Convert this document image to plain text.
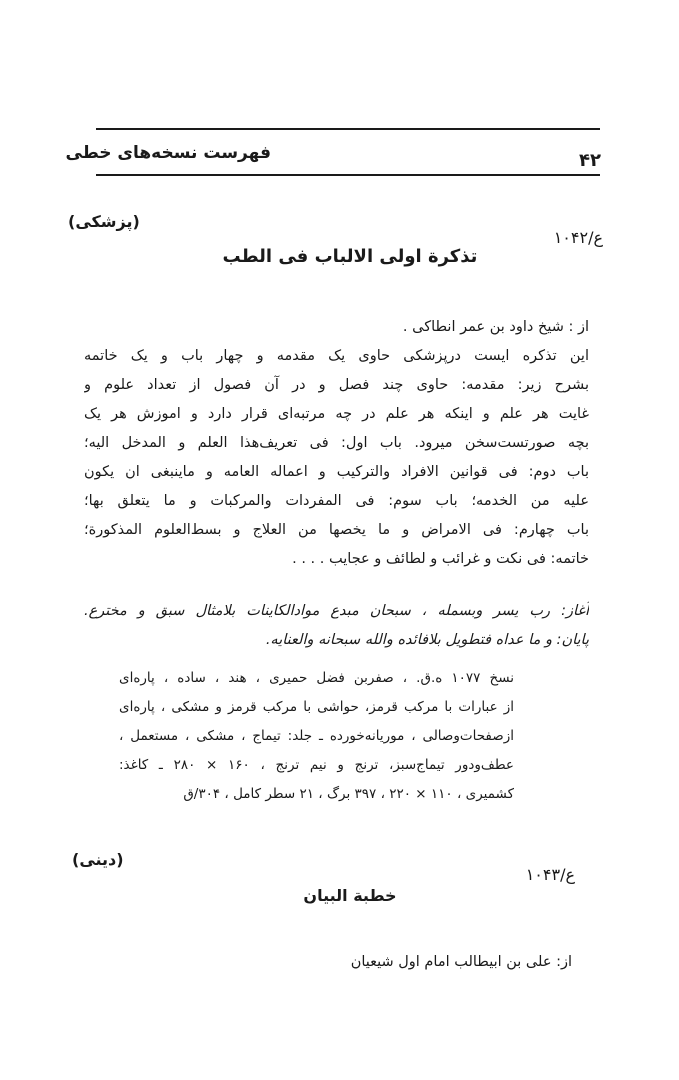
فهرست نسخه‌های خطی	۴۲
(پزشکی)
ع/۱۰۴۲
تذکرة اولی الالباب فی الطب
از : شیخ داود بن عمر انطاکی .
این تذکره ایست درپزشکی حاوی یک مقدمه و چهار باب و یک خاتمه
بشرح زیر: مقدمه: حاوی چند فصل و در آن فصول از تعداد علوم و
غایت هر علم و اینکه هر علم در چه مرتبه‌ای قرار دارد و اموزش هر یک
بچه صورتست‌سخن میرود. باب اول: فی تعریف‌هذا العلم و المدخل الیه؛
باب دوم: فی قوانین الافراد والترکیب و اعماله العامه و ماینبغی ان یکون
علیه من الخدمه؛ باب سوم: فی المفردات والمرکبات و ما یتعلق بها؛
باب چهارم: فی الامراض و ما یخصها من العلاج و بسط‌العلوم المذکورة؛
خاتمه: فی نکت و غرائب و لطائف و عجایب . . . .
آغاز: رب یسر وبسمله ، سبحان مبدع موادالکاینات بلامثال سبق و مخترع.
پایان: و ما عداه فتطویل بلافائده والله سبحانه والعنایه.
نسخ ۱۰۷۷ ه.ق. ، صفربن فضل حمیری ، هند ، ساده ، پاره‌ای
از عبارات با مرکب قرمز، حواشی با مرکب قرمز و مشکی ، پاره‌ای
ازصفحات‌وصالی ، موریانه‌خورده ـ جلد: تیماج ، مشکی ، مستعمل ،
عطف‌ودور تیماج‌سبز، ترنج و نیم ترنج ، ۱۶۰ × ۲۸۰ ـ کاغذ:
کشمیری ، ۱۱۰ × ۲۲۰ ، ۳۹۷ برگ ، ۲۱ سطر کامل ، ۳۰۴/ق
(دینی)
ع/۱۰۴۳
خطبة البیان
از: علی بن ابیطالب امام اول شیعیان
